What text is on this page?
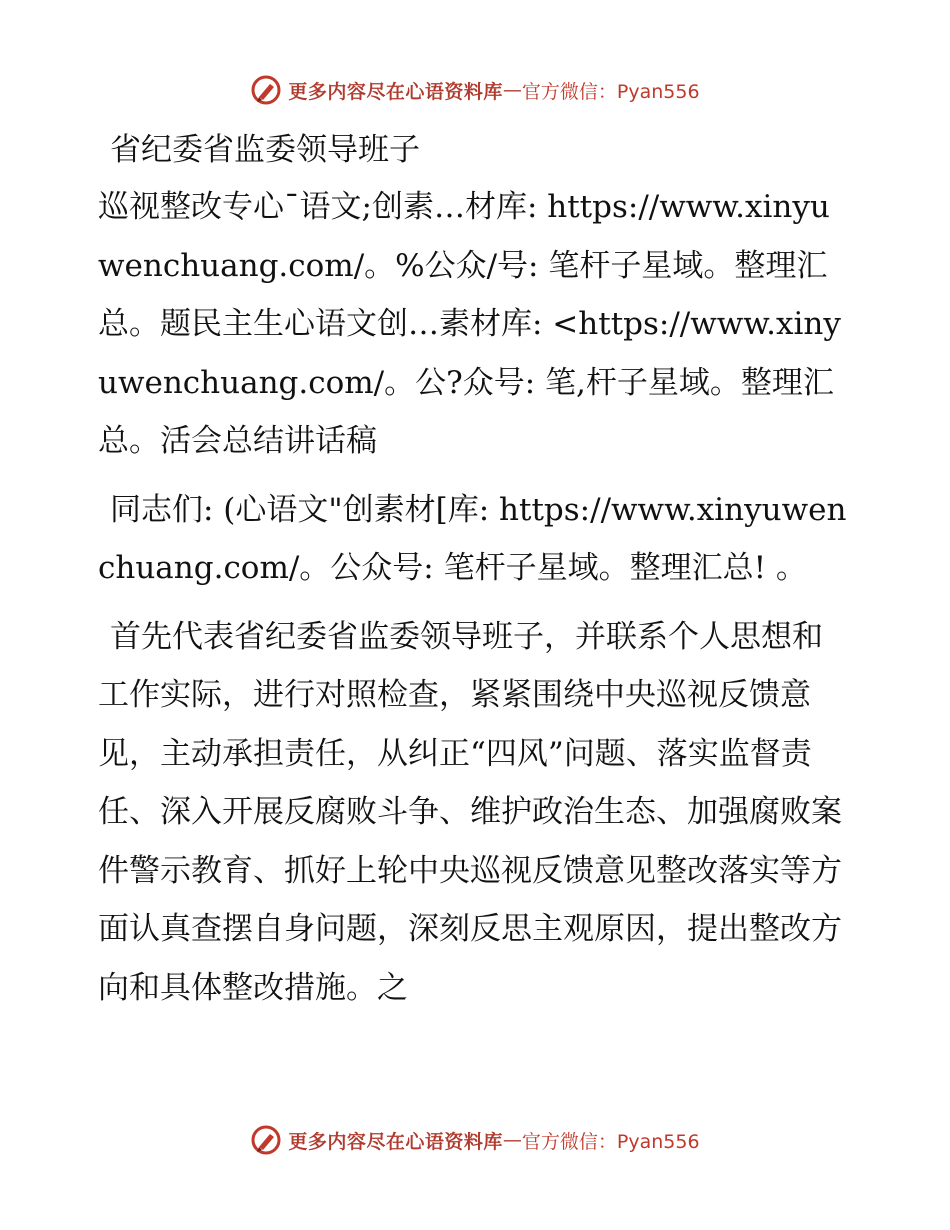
更多内容尽在心语资料库 — 官方微信：Pyan556
省纪委省监委领导班子
巡视整改专心¯语文;创素…材库: https://www.xinyuwenchuang.com/。%公众/号: 笔杆子星域。整理汇总。题民主生心语文创…素材库: <https://www.xinyuwenchuang.com/。公?众号: 笔,杆子星域。整理汇总。活会总结讲话稿
同志们: (心语文"创素材[库: https://www.xinyuwenchuang.com/。公众号: 笔杆子星域。整理汇总! 。
首先代表省纪委省监委领导班子，并联系个人思想和工作实际，进行对照检查，紧紧围绕中央巡视反馈意见，主动承担责任，从纠正“四风”问题、落实监督责任、深入开展反腐败斗争、维护政治生态、加强腐败案件警示教育、抓好上轮中央巡视反馈意见整改落实等方面认真查摆自身问题，深刻反思主观原因，提出整改方向和具体整改措施。之
更多内容尽在心语资料库 — 官方微信：Pyan556
